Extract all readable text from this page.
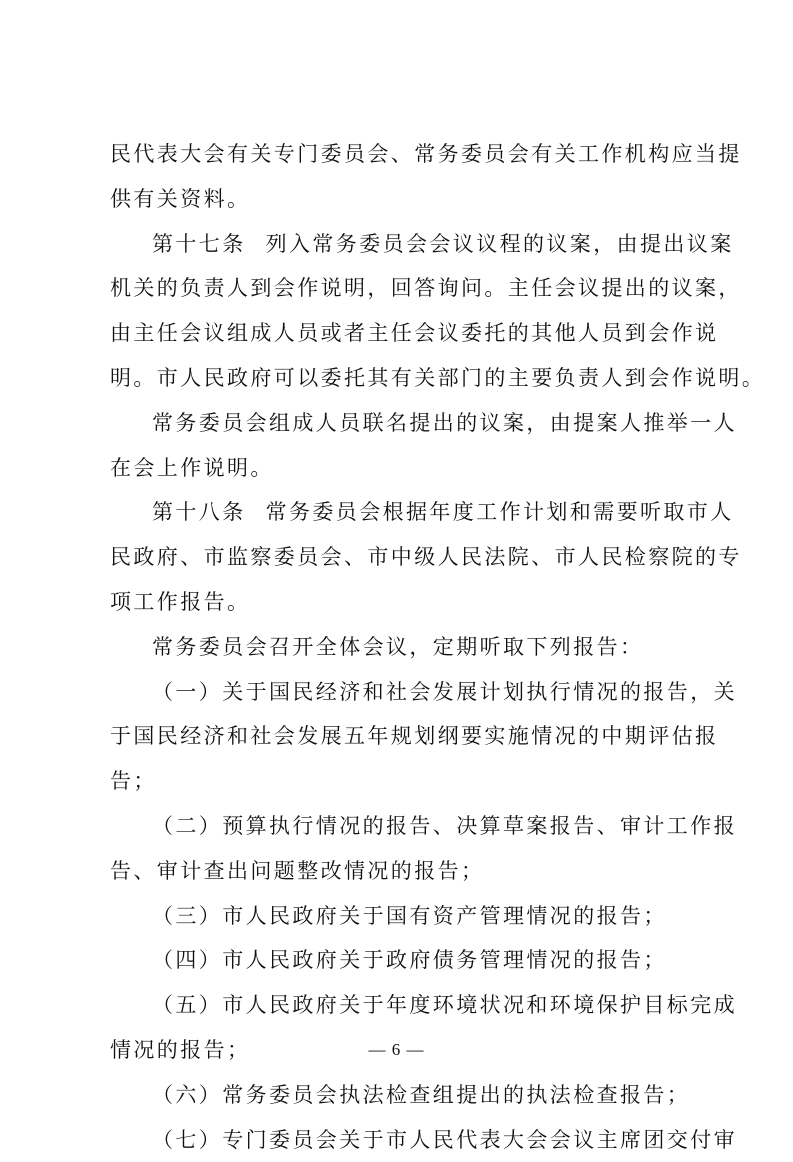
民代表大会有关专门委员会、常务委员会有关工作机构应当提
供有关资料。
第十七条 列入常务委员会会议议程的议案，由提出议案
机关的负责人到会作说明，回答询问。主任会议提出的议案，
由主任会议组成人员或者主任会议委托的其他人员到会作说
明。市人民政府可以委托其有关部门的主要负责人到会作说明。
常务委员会组成人员联名提出的议案，由提案人推举一人
在会上作说明。
第十八条 常务委员会根据年度工作计划和需要听取市人
民政府、市监察委员会、市中级人民法院、市人民检察院的专
项工作报告。
常务委员会召开全体会议，定期听取下列报告：
（一）关于国民经济和社会发展计划执行情况的报告，关
于国民经济和社会发展五年规划纲要实施情况的中期评估报
告；
（二）预算执行情况的报告、决算草案报告、审计工作报
告、审计查出问题整改情况的报告；
（三）市人民政府关于国有资产管理情况的报告；
（四）市人民政府关于政府债务管理情况的报告；
（五）市人民政府关于年度环境状况和环境保护目标完成
情况的报告；
（六）常务委员会执法检查组提出的执法检查报告；
（七）专门委员会关于市人民代表大会会议主席团交付审
— 6 —
